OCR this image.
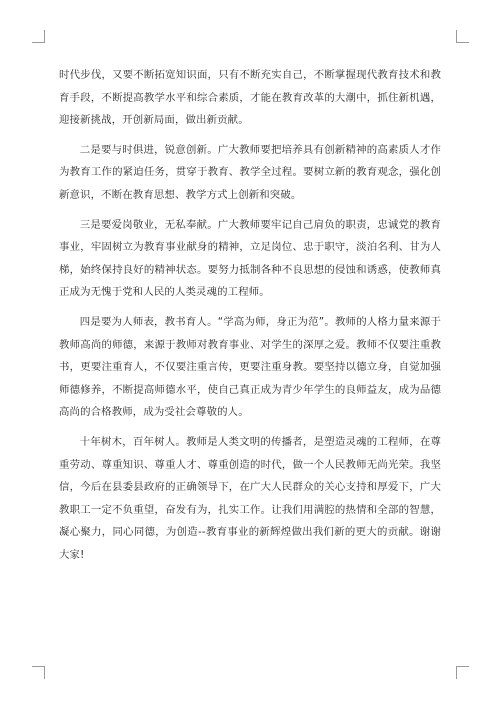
时代步伐，又要不断拓宽知识面，只有不断充实自己，不断掌握现代教育技术和教育手段，不断提高教学水平和综合素质，才能在教育改革的大潮中，抓住新机遇，迎接新挑战，开创新局面，做出新贡献。

二是要与时俱进，锐意创新。广大教师要把培养具有创新精神的高素质人才作为教育工作的紧迫任务，贯穿于教育、教学全过程。要树立新的教育观念，强化创新意识，不断在教育思想、教学方式上创新和突破。

三是要爱岗敬业，无私奉献。广大教师要牢记自己肩负的职责，忠诚党的教育事业，牢固树立为教育事业献身的精神，立足岗位、忠于职守，淡泊名利、甘为人梯，始终保持良好的精神状态。要努力抵制各种不良思想的侵蚀和诱惑，使教师真正成为无愧于党和人民的人类灵魂的工程师。

四是要为人师表，教书育人。“学高为师，身正为范”。教师的人格力量来源于教师高尚的师德，来源于教师对教育事业、对学生的深厚之爱。教师不仅要注重教书，更要注重育人，不仅要注重言传，更要注重身教。要坚持以德立身，自觉加强师德修养，不断提高师德水平，使自己真正成为青少年学生的良师益友，成为品德高尚的合格教师，成为受社会尊敬的人。

十年树木，百年树人。教师是人类文明的传播者，是塑造灵魂的工程师，在尊重劳动、尊重知识、尊重人才、尊重创造的时代，做一个人民教师无尚光荣。我坚信，今后在县委县政府的正确领导下，在广大人民群众的关心支持和厚爱下，广大教职工一定不负重望，奋发有为，扎实工作。让我们用满腔的热情和全部的智慧，凝心聚力，同心同德，为创造--教育事业的新辉煌做出我们新的更大的贡献。谢谢大家!
